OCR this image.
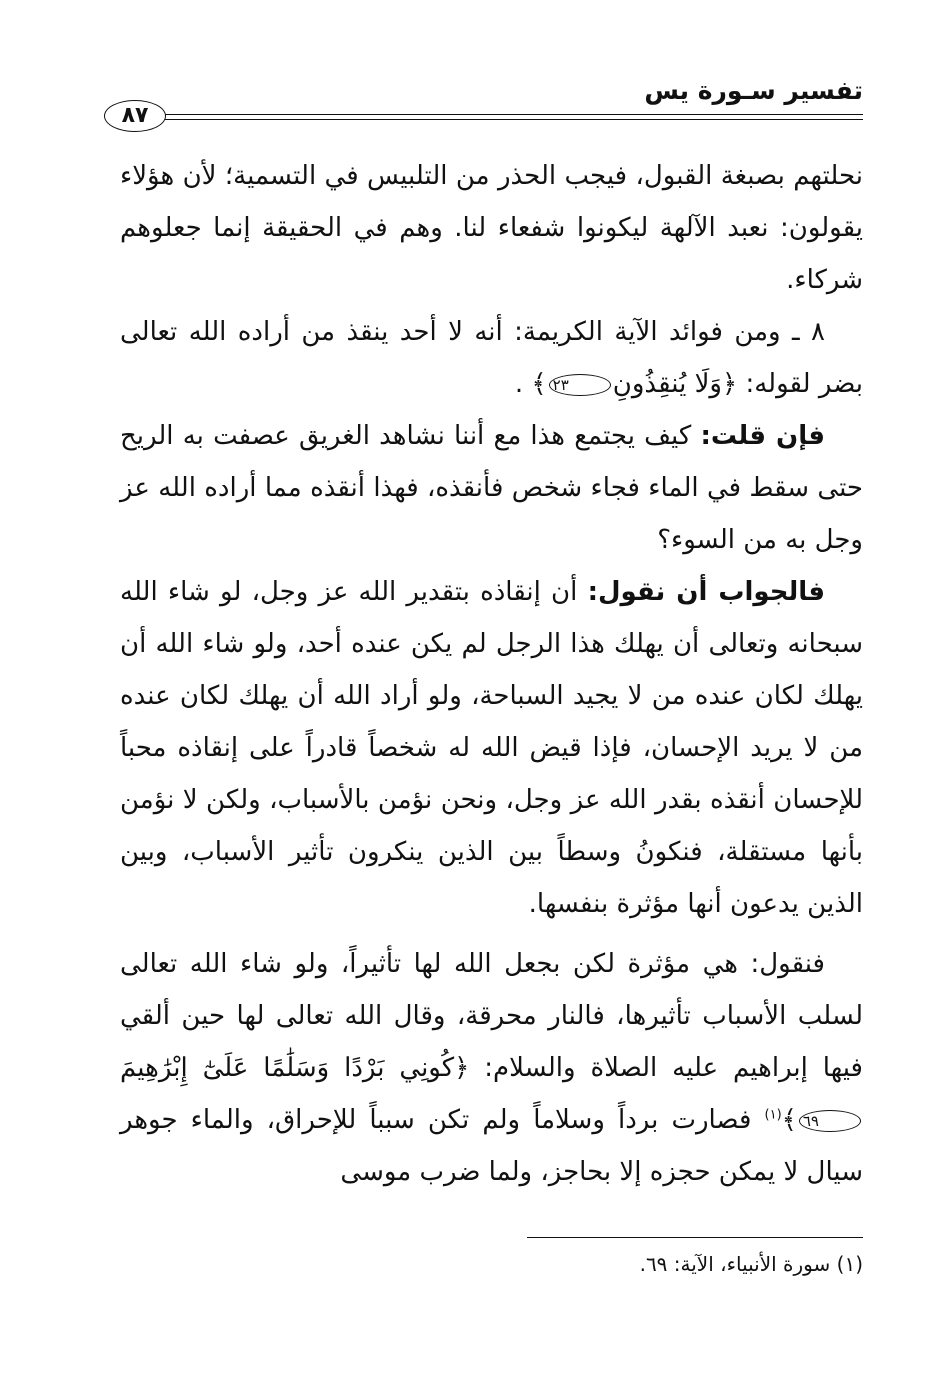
تفسير سـورة يس
٨٧

نحلتهم بصبغة القبول، فيجب الحذر من التلبيس في التسمية؛ لأن هؤلاء يقولون: نعبد الآلهة ليكونوا شفعاء لنا. وهم في الحقيقة إنما جعلوهم شركاء.

٨ ـ ومن فوائد الآية الكريمة: أنه لا أحد ينقذ من أراده الله تعالى بضر لقوله: ﴿وَلَا يُنقِذُونِ٢٣﴾ .

فإن قلت: كيف يجتمع هذا مع أننا نشاهد الغريق عصفت به الريح حتى سقط في الماء فجاء شخص فأنقذه، فهذا أنقذه مما أراده الله عز وجل به من السوء؟

فالجواب أن نقول: أن إنقاذه بتقدير الله عز وجل، لو شاء الله سبحانه وتعالى أن يهلك هذا الرجل لم يكن عنده أحد، ولو شاء الله أن يهلك لكان عنده من لا يجيد السباحة، ولو أراد الله أن يهلك لكان عنده من لا يريد الإحسان، فإذا قيض الله له شخصاً قادراً على إنقاذه محباً للإحسان أنقذه بقدر الله عز وجل، ونحن نؤمن بالأسباب، ولكن لا نؤمن بأنها مستقلة، فنكونُ وسطاً بين الذين ينكرون تأثير الأسباب، وبين الذين يدعون أنها مؤثرة بنفسها.

فنقول: هي مؤثرة لكن بجعل الله لها تأثيراً، ولو شاء الله تعالى لسلب الأسباب تأثيرها، فالنار محرقة، وقال الله تعالى لها حين ألقي فيها إبراهيم عليه الصلاة والسلام: ﴿كُونِي بَرْدًا وَسَلَٰمًا عَلَىٰٓ إِبْرَٰهِيمَ٦٩﴾$^{(١)}$ فصارت برداً وسلاماً ولم تكن سبباً للإحراق، والماء جوهر سيال لا يمكن حجزه إلا بحاجز، ولما ضرب موسى

(١) سورة الأنبياء، الآية: ٦٩.
